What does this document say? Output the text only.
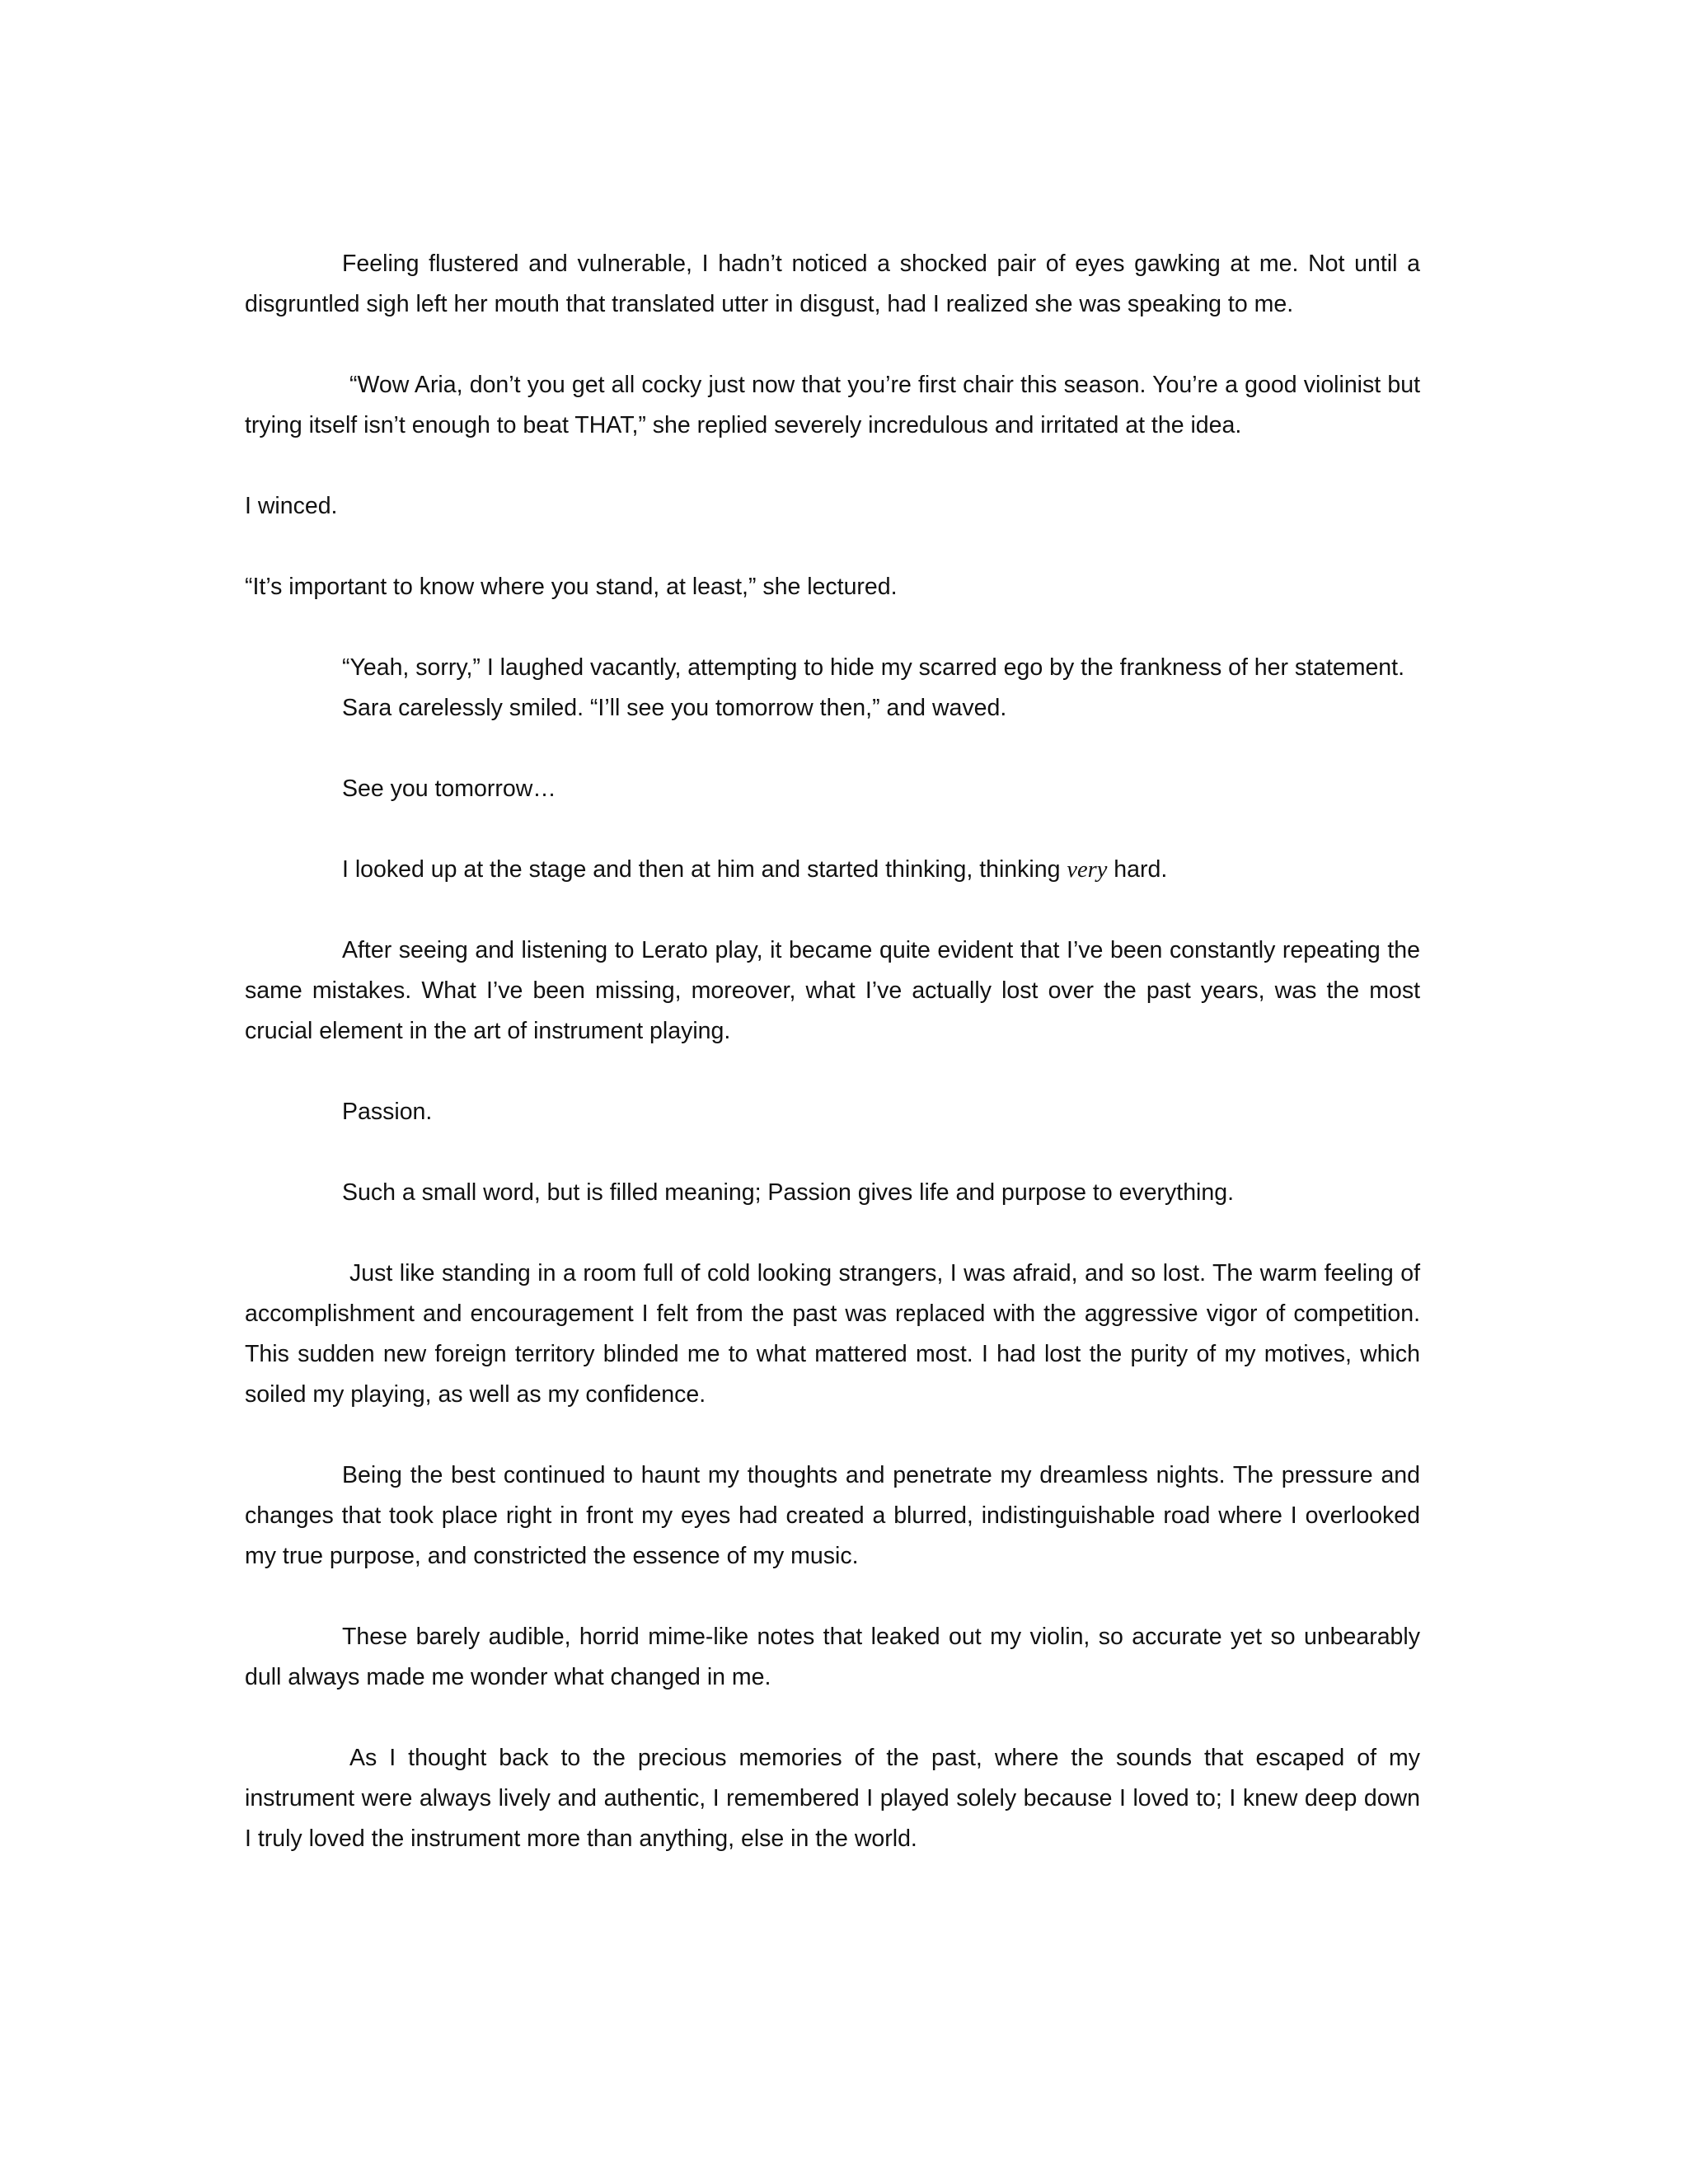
Feeling flustered and vulnerable, I hadn’t noticed a shocked pair of eyes gawking at me. Not until a disgruntled sigh left her mouth that translated utter in disgust, had I realized she was speaking to me.

“Wow Aria, don’t you get all cocky just now that you’re first chair this season. You’re a good violinist but trying itself isn’t enough to beat THAT,” she replied severely incredulous and irritated at the idea.

I winced.

“It’s important to know where you stand, at least,” she lectured.

“Yeah, sorry,” I laughed vacantly, attempting to hide my scarred ego by the frankness of her statement.
Sara carelessly smiled. “I’ll see you tomorrow then,” and waved.

See you tomorrow…

I looked up at the stage and then at him and started thinking, thinking very hard.

After seeing and listening to Lerato play, it became quite evident that I’ve been constantly repeating the same mistakes. What I’ve been missing, moreover, what I’ve actually lost over the past years, was the most crucial element in the art of instrument playing.

Passion.

Such a small word, but is filled meaning; Passion gives life and purpose to everything.

Just like standing in a room full of cold looking strangers, I was afraid, and so lost. The warm feeling of accomplishment and encouragement I felt from the past was replaced with the aggressive vigor of competition. This sudden new foreign territory blinded me to what mattered most. I had lost the purity of my motives, which soiled my playing, as well as my confidence.

Being the best continued to haunt my thoughts and penetrate my dreamless nights. The pressure and changes that took place right in front my eyes had created a blurred, indistinguishable road where I overlooked my true purpose, and constricted the essence of my music.

These barely audible, horrid mime-like notes that leaked out my violin, so accurate yet so unbearably dull always made me wonder what changed in me.

As I thought back to the precious memories of the past, where the sounds that escaped of my instrument were always lively and authentic, I remembered I played solely because I loved to; I knew deep down I truly loved the instrument more than anything, else in the world.
